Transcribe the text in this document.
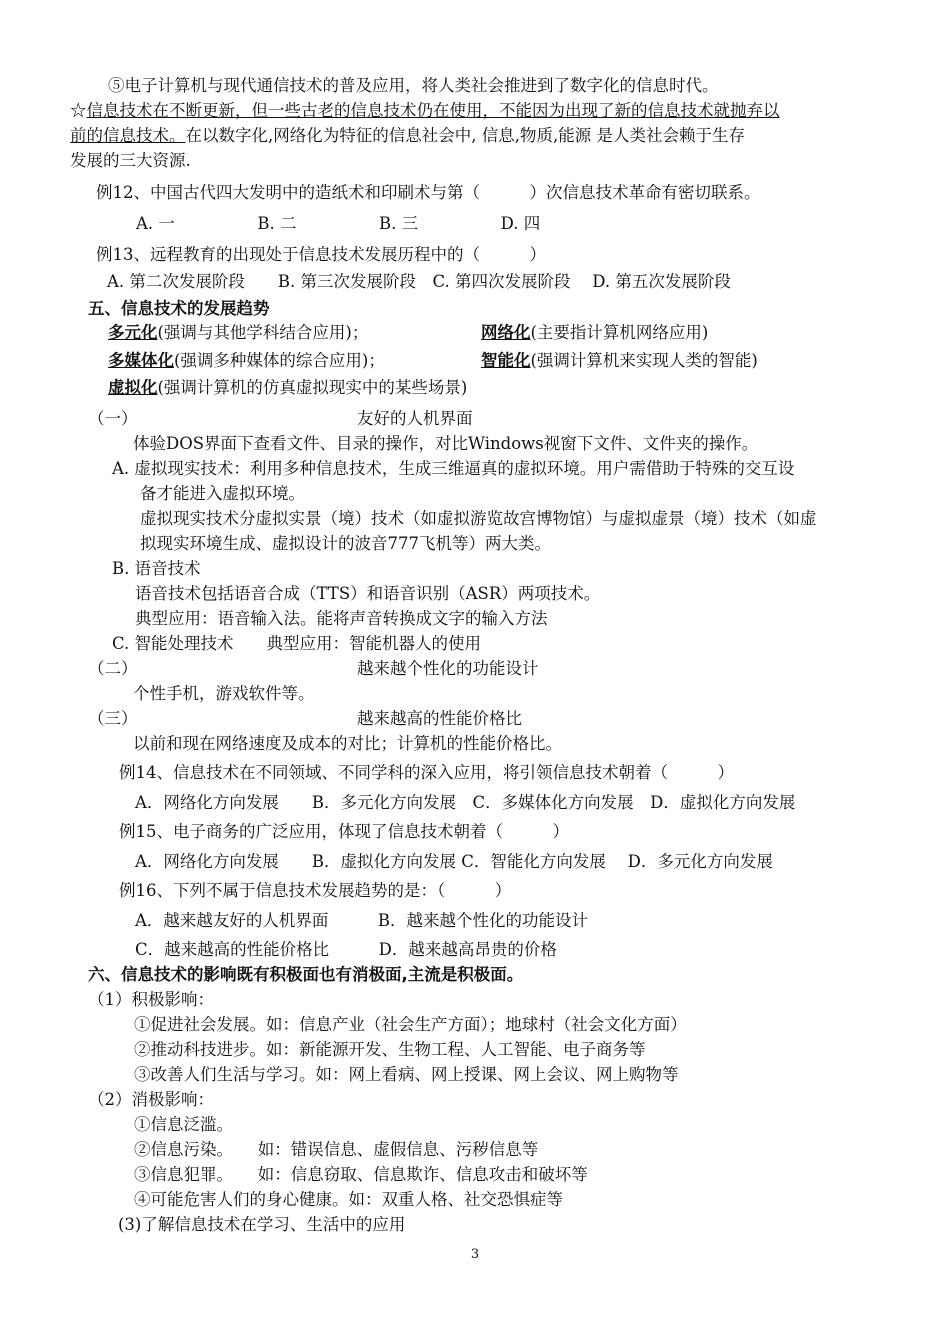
⑤电子计算机与现代通信技术的普及应用，将人类社会推进到了数字化的信息时代。
☆信息技术在不断更新，但一些古老的信息技术仍在使用，不能因为出现了新的信息技术就抛弃以
前的信息技术。在以数字化,网络化为特征的信息社会中, 信息,物质,能源 是人类社会赖于生存
发展的三大资源.
例12、中国古代四大发明中的造纸术和印刷术与第（　　　）次信息技术革命有密切联系。
A. 一　　　　　B. 二　　　　　B. 三　　　　　D. 四
例13、远程教育的出现处于信息技术发展历程中的（　　　）
A. 第二次发展阶段　　B. 第三次发展阶段　C. 第四次发展阶段　 D. 第五次发展阶段
五、信息技术的发展趋势
多元化(强调与其他学科结合应用)；	网络化(主要指计算机网络应用)
多媒体化(强调多种媒体的综合应用)；	智能化(强调计算机来实现人类的智能)
虚拟化(强调计算机的仿真虚拟现实中的某些场景)
（一）	友好的人机界面
体验DOS界面下查看文件、目录的操作，对比Windows视窗下文件、文件夹的操作。
A. 虚拟现实技术：利用多种信息技术，生成三维逼真的虚拟环境。用户需借助于特殊的交互设
备才能进入虚拟环境。
虚拟现实技术分虚拟实景（境）技术（如虚拟游览故宫博物馆）与虚拟虚景（境）技术（如虚
拟现实环境生成、虚拟设计的波音777飞机等）两大类。
B. 语音技术
语音技术包括语音合成（TTS）和语音识别（ASR）两项技术。
典型应用：语音输入法。能将声音转换成文字的输入方法
C. 智能处理技术　　典型应用：智能机器人的使用
（二）	越来越个性化的功能设计
个性手机，游戏软件等。
（三）	越来越高的性能价格比
以前和现在网络速度及成本的对比；计算机的性能价格比。
例14、信息技术在不同领域、不同学科的深入应用，将引领信息技术朝着（　　　）
A．网络化方向发展　　B．多元化方向发展　C．多媒体化方向发展　D．虚拟化方向发展
例15、电子商务的广泛应用，体现了信息技术朝着（　　　）
A．网络化方向发展　　B．虚拟化方向发展 C．智能化方向发展　 D．多元化方向发展
例16、下列不属于信息技术发展趋势的是：（　　　）
A．越来越友好的人机界面　　　B．越来越个性化的功能设计
C．越来越高的性能价格比　　　D．越来越高昂贵的价格
六、信息技术的影响既有积极面也有消极面,主流是积极面。
（1）积极影响：
①促进社会发展。如：信息产业（社会生产方面）；地球村（社会文化方面）
②推动科技进步。如：新能源开发、生物工程、人工智能、电子商务等
③改善人们生活与学习。如：网上看病、网上授课、网上会议、网上购物等
（2）消极影响：
①信息泛滥。
②信息污染。　　如：错误信息、虚假信息、污秽信息等
③信息犯罪。　　如：信息窃取、信息欺诈、信息攻击和破坏等
④可能危害人们的身心健康。如：双重人格、社交恐惧症等
(3)了解信息技术在学习、生活中的应用
3
